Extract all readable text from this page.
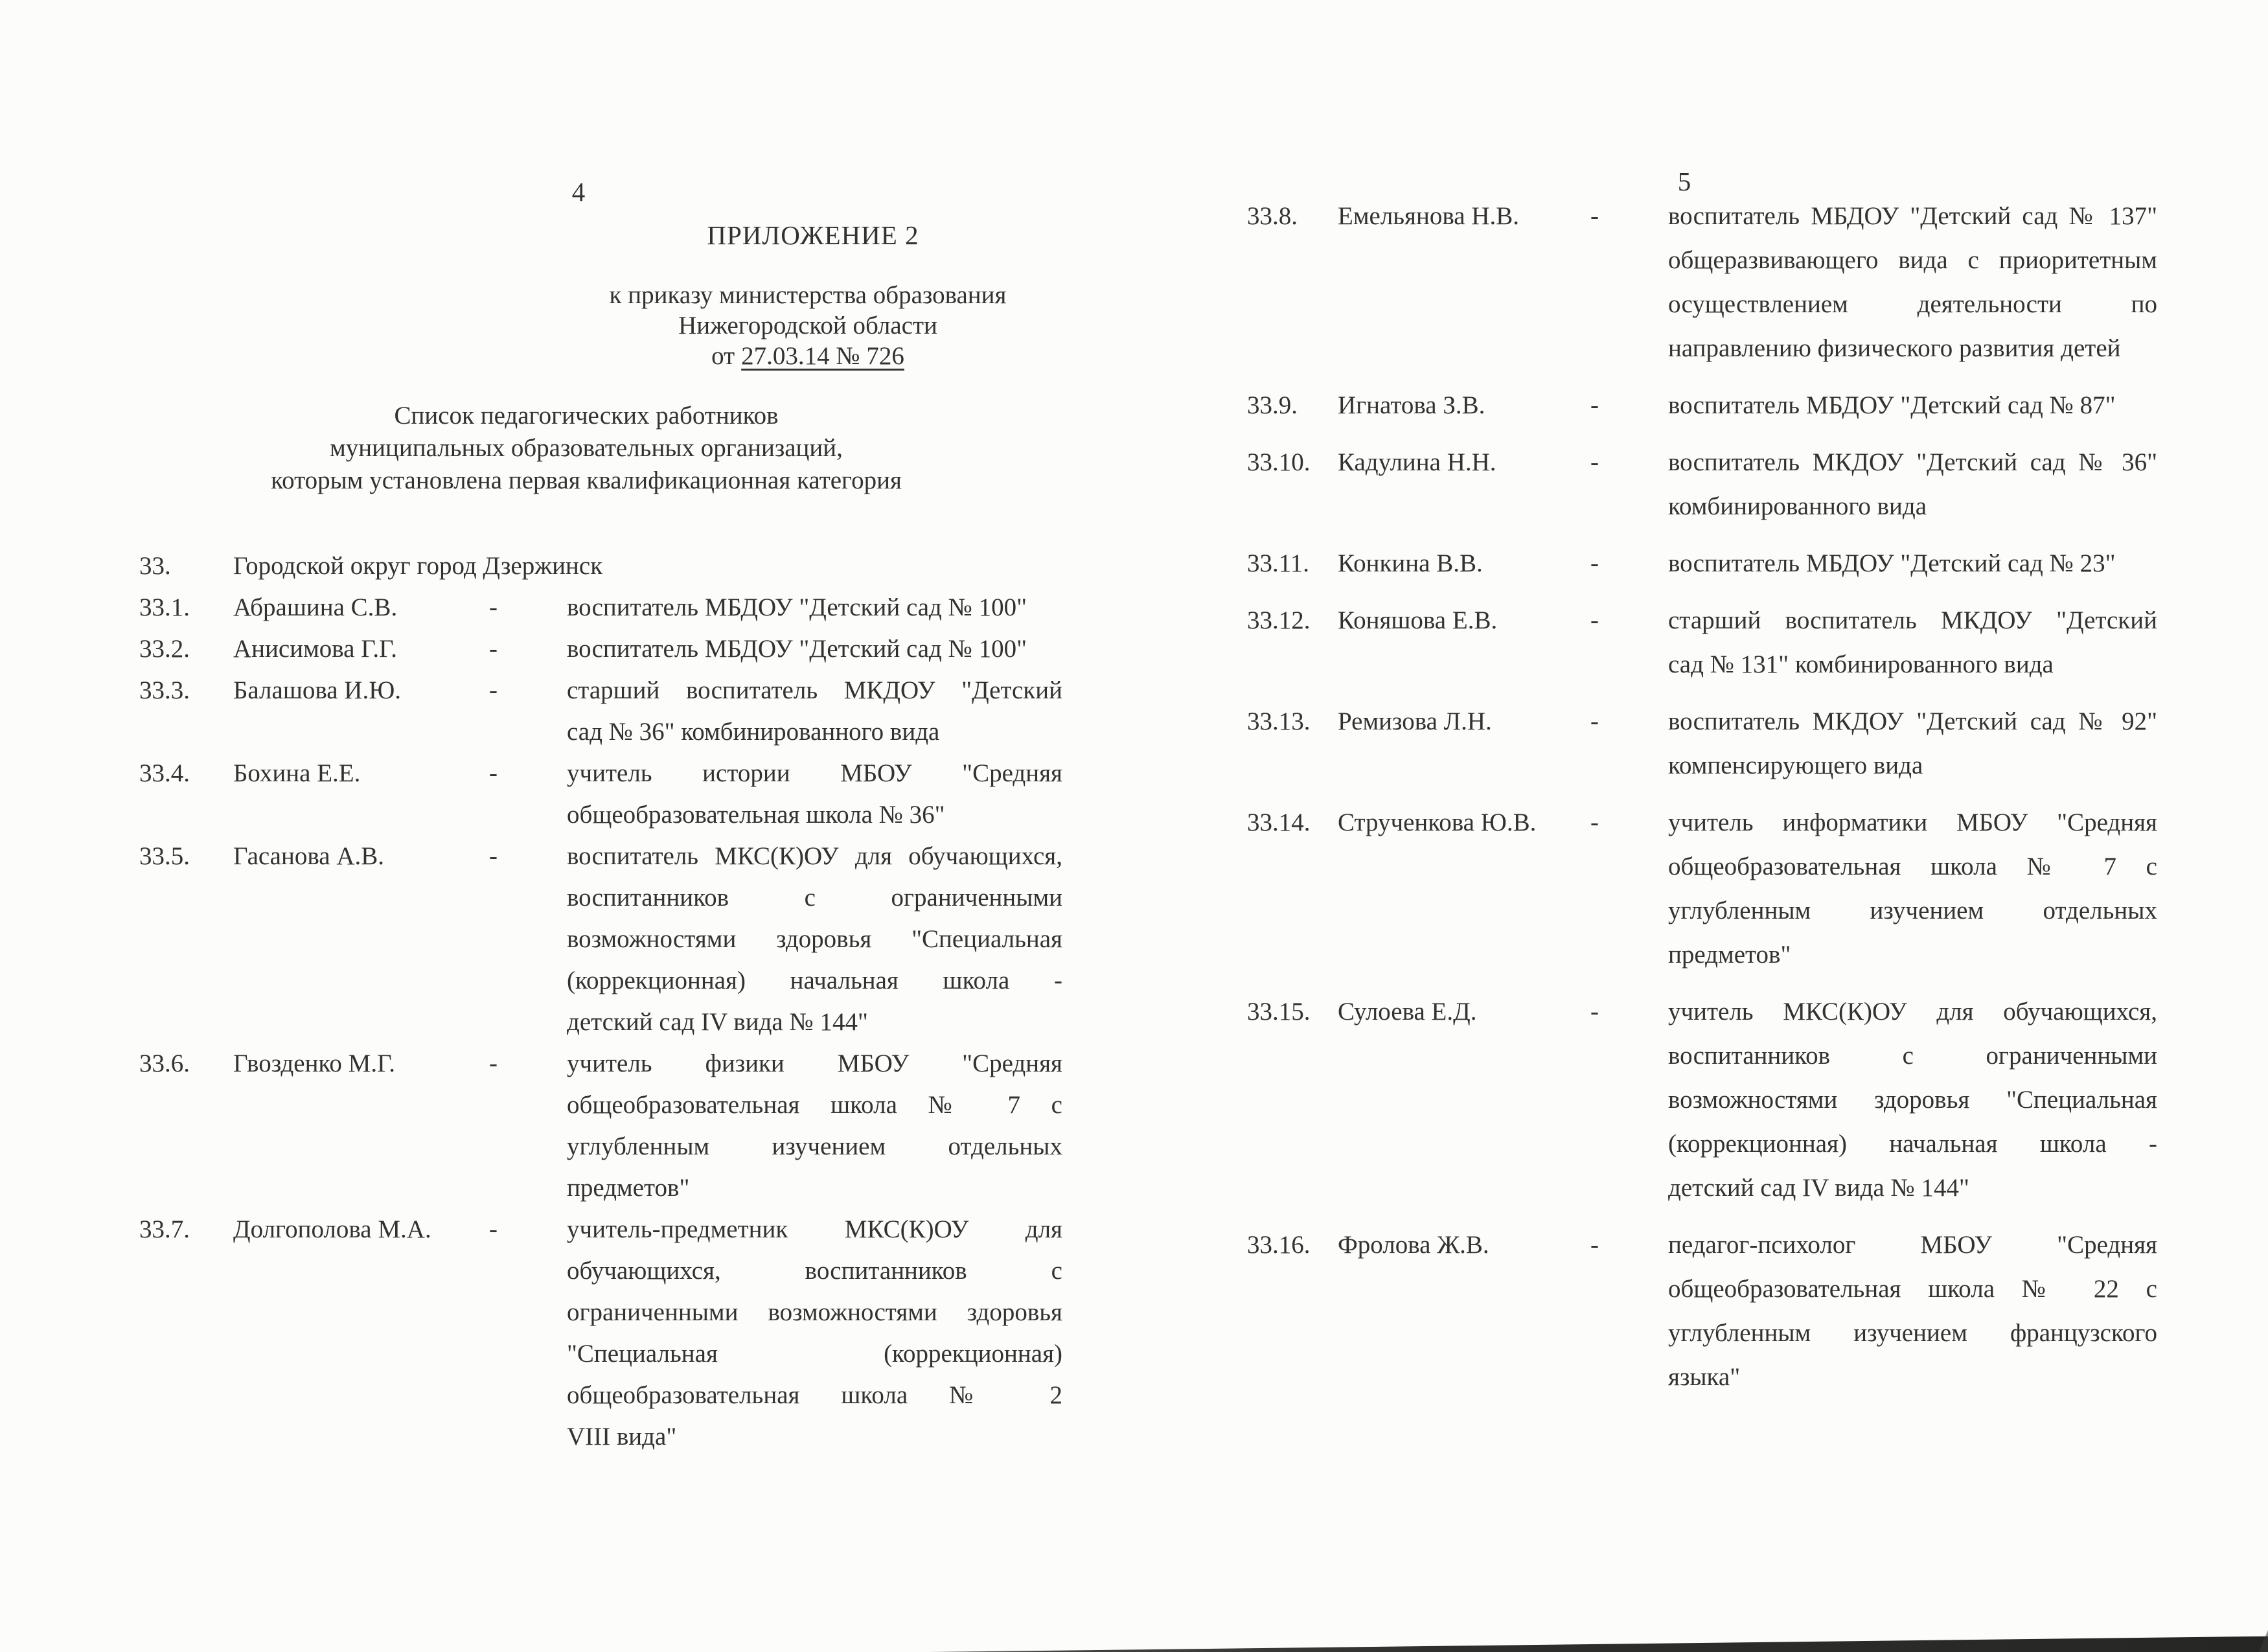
4
ПРИЛОЖЕНИЕ 2
к приказу министерства образования
Нижегородской области
от 27.03.14 № 726
Список педагогических работников
муниципальных образовательных организаций,
которым установлена первая квалификационная категория
33.	Городской округ город Дзержинск
33.1.	Абрашина С.В.	-	воспитатель МБДОУ "Детский сад № 100"
33.2.	Анисимова Г.Г.	-	воспитатель МБДОУ "Детский сад № 100"
33.3.	Балашова И.Ю.	-	старший воспитатель МКДОУ "Детский
сад № 36" комбинированного вида
33.4.	Бохина Е.Е.	-	учитель истории МБОУ "Средняя
общеобразовательная школа № 36"
33.5.	Гасанова А.В.	-	воспитатель МКС(К)ОУ для обучающихся,
воспитанников с ограниченными
возможностями здоровья "Специальная
(коррекционная) начальная школа -
детский сад IV вида № 144"
33.6.	Гвозденко М.Г.	-	учитель физики МБОУ "Средняя
общеобразовательная школа № 7 с
углубленным изучением отдельных
предметов"
33.7.	Долгополова М.А.	-	учитель-предметник МКС(К)ОУ для
обучающихся, воспитанников с
ограниченными возможностями здоровья
"Специальная (коррекционная)
общеобразовательная школа № 2
VIII вида"
5
33.8.	Емельянова Н.В.	-	воспитатель МБДОУ "Детский сад № 137"
общеразвивающего вида с приоритетным
осуществлением деятельности по
направлению физического развития детей
33.9.	Игнатова З.В.	-	воспитатель МБДОУ "Детский сад № 87"
33.10.	Кадулина Н.Н.	-	воспитатель МКДОУ "Детский сад № 36"
комбинированного вида
33.11.	Конкина В.В.	-	воспитатель МБДОУ "Детский сад № 23"
33.12.	Коняшова Е.В.	-	старший воспитатель МКДОУ "Детский
сад № 131" комбинированного вида
33.13.	Ремизова Л.Н.	-	воспитатель МКДОУ "Детский сад № 92"
компенсирующего вида
33.14.	Струченкова Ю.В.	-	учитель информатики МБОУ "Средняя
общеобразовательная школа № 7 с
углубленным изучением отдельных
предметов"
33.15.	Сулоева Е.Д.	-	учитель МКС(К)ОУ для обучающихся,
воспитанников с ограниченными
возможностями здоровья "Специальная
(коррекционная) начальная школа -
детский сад IV вида № 144"
33.16.	Фролова Ж.В.	-	педагог-психолог МБОУ "Средняя
общеобразовательная школа № 22 с
углубленным изучением французского
языка"
